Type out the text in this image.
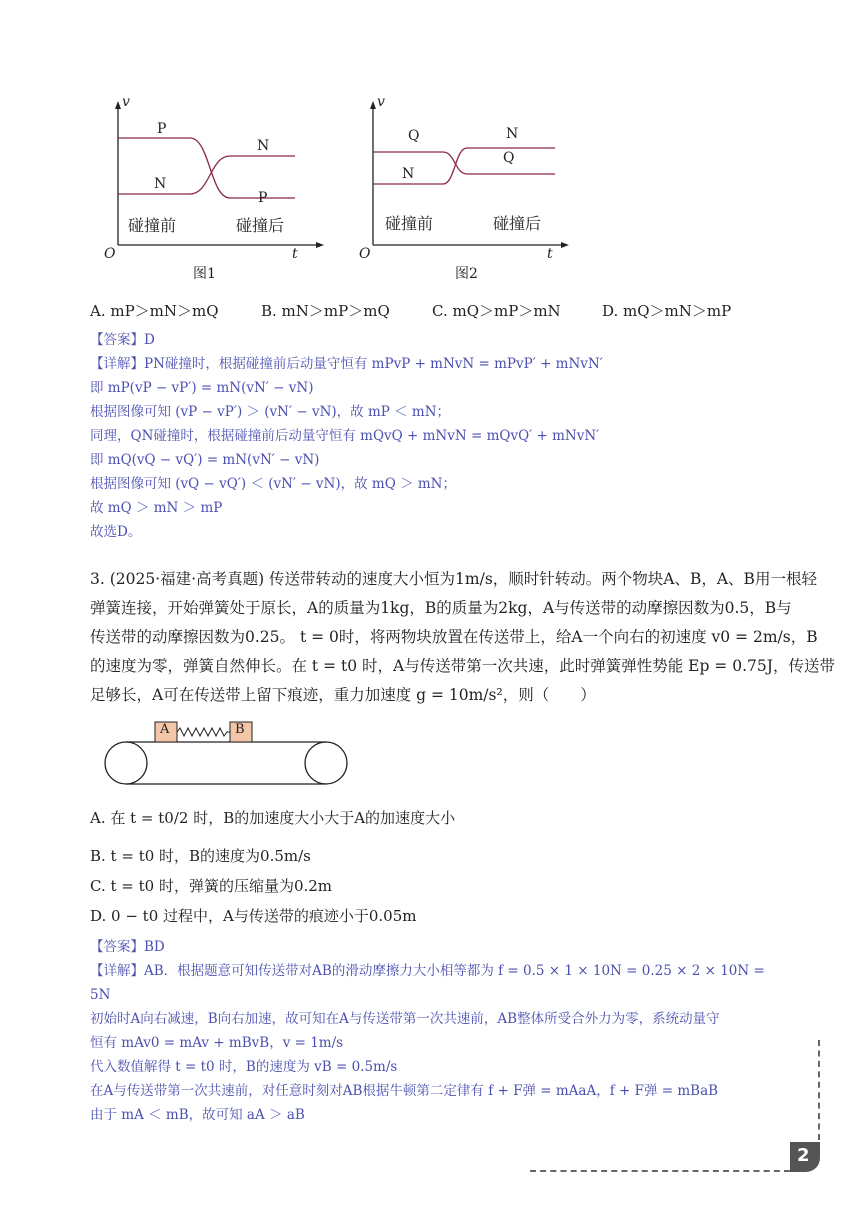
v
t
O
P
N
N
P
碰撞前	碰撞后
图1
v
t
O
Q
N
N
Q
碰撞前	碰撞后
图2
A. mP＞mN＞mQ	B. mN＞mP＞mQ	C. mQ＞mP＞mN	D. mQ＞mN＞mP
【答案】D
【详解】PN碰撞时，根据碰撞前后动量守恒有 mPvP + mNvN = mPvP′ + mNvN′
即 mP(vP − vP′) = mN(vN′ − vN)
根据图像可知 (vP − vP′) ＞ (vN′ − vN)，故 mP ＜ mN；
同理，QN碰撞时，根据碰撞前后动量守恒有 mQvQ + mNvN = mQvQ′ + mNvN′
即 mQ(vQ − vQ′) = mN(vN′ − vN)
根据图像可知 (vQ − vQ′) ＜ (vN′ − vN)，故 mQ ＞ mN；
故 mQ ＞ mN ＞ mP
故选D。
3. (2025·福建·高考真题) 传送带转动的速度大小恒为1m/s，顺时针转动。两个物块A、B，A、B用一根轻
弹簧连接，开始弹簧处于原长，A的质量为1kg，B的质量为2kg，A与传送带的动摩擦因数为0.5，B与
传送带的动摩擦因数为0.25。 t = 0时，将两物块放置在传送带上，给A一个向右的初速度 v0 = 2m/s，B
的速度为零，弹簧自然伸长。在 t = t0 时，A与传送带第一次共速，此时弹簧弹性势能 Ep = 0.75J，传送带
足够长，A可在传送带上留下痕迹，重力加速度 g = 10m/s²，则（　　）
A	B
A. 在 t = t0/2 时，B的加速度大小大于A的加速度大小
B. t = t0 时，B的速度为0.5m/s
C. t = t0 时，弹簧的压缩量为0.2m
D. 0 − t0 过程中，A与传送带的痕迹小于0.05m
【答案】BD
【详解】AB．根据题意可知传送带对AB的滑动摩擦力大小相等都为 f = 0.5 × 1 × 10N = 0.25 × 2 × 10N =
5N
初始时A向右减速，B向右加速，故可知在A与传送带第一次共速前，AB整体所受合外力为零，系统动量守
恒有 mAv0 = mAv + mBvB，v = 1m/s
代入数值解得 t = t0 时，B的速度为 vB = 0.5m/s
在A与传送带第一次共速前，对任意时刻对AB根据牛顿第二定律有 f + F弹 = mAaA，f + F弹 = mBaB
由于 mA ＜ mB，故可知 aA ＞ aB
2
